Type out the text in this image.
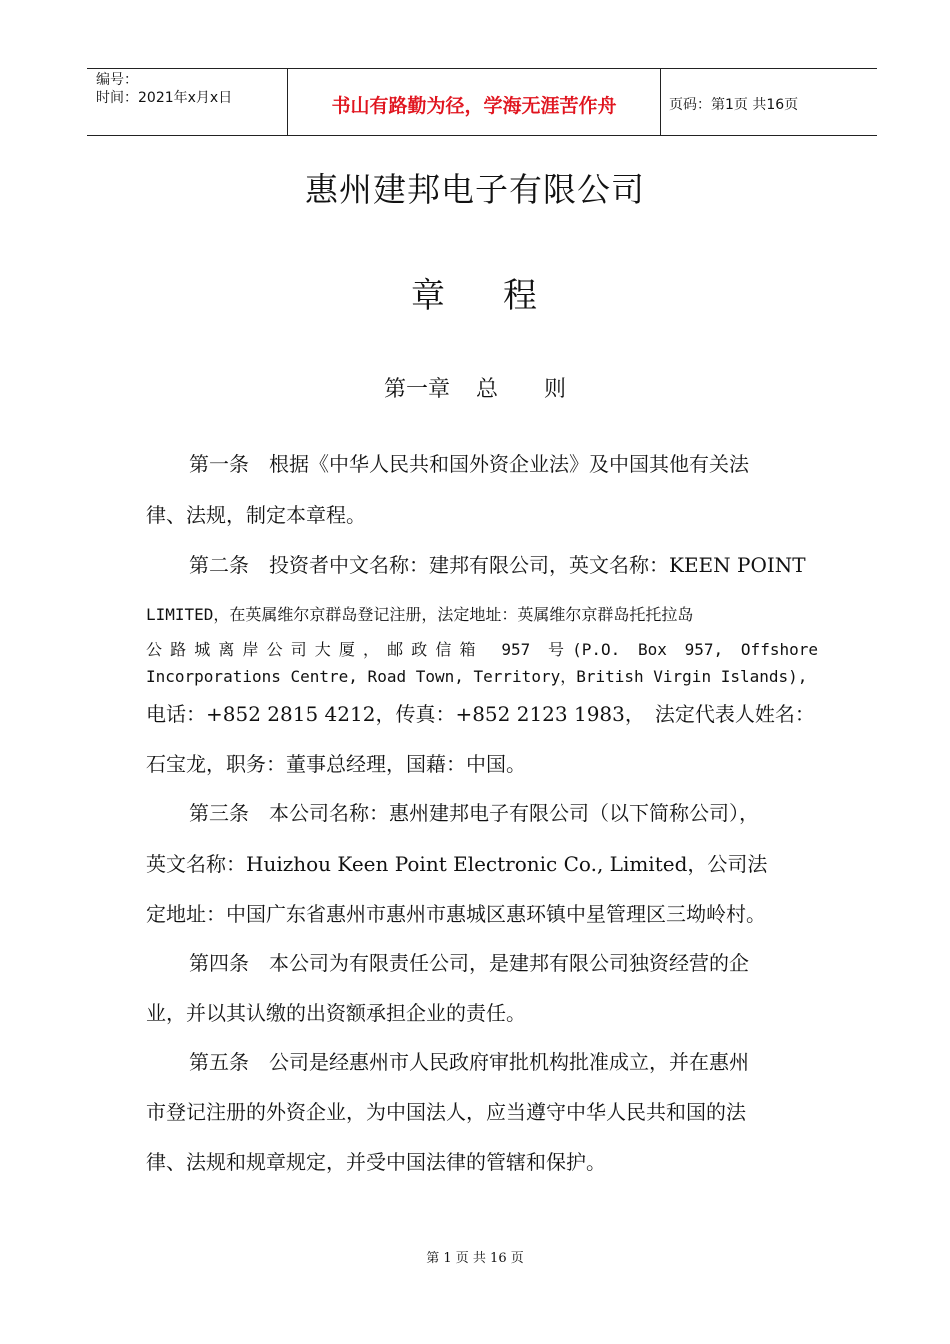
编号：
时间：2021年x月x日	书山有路勤为径，学海无涯苦作舟	页码：第1页 共16页
惠州建邦电子有限公司
章 程
第一章 总 则
第一条　根据《中华人民共和国外资企业法》及中国其他有关法
律、法规，制定本章程。
第二条　投资者中文名称：建邦有限公司，英文名称：KEEN POINT
LIMITED，在英属维尔京群岛登记注册，法定地址：英属维尔京群岛托托拉岛
公路城离岸公司大厦，邮政信箱 957 号(P.O. Box 957, Offshore
Incorporations Centre, Road Town, Territory，British Virgin Islands),
电话：+852 2815 4212，传真：+852 2123 1983，　法定代表人姓名：
石宝龙，职务：董事总经理，国藉：中国。
第三条　本公司名称：惠州建邦电子有限公司（以下简称公司），
英文名称：Huizhou Keen Point Electronic Co., Limited，公司法
定地址：中国广东省惠州市惠州市惠城区惠环镇中星管理区三坳岭村。
第四条　本公司为有限责任公司，是建邦有限公司独资经营的企
业，并以其认缴的出资额承担企业的责任。
第五条　公司是经惠州市人民政府审批机构批准成立，并在惠州
市登记注册的外资企业，为中国法人，应当遵守中华人民共和国的法
律、法规和规章规定，并受中国法律的管辖和保护。
第 1 页 共 16 页
